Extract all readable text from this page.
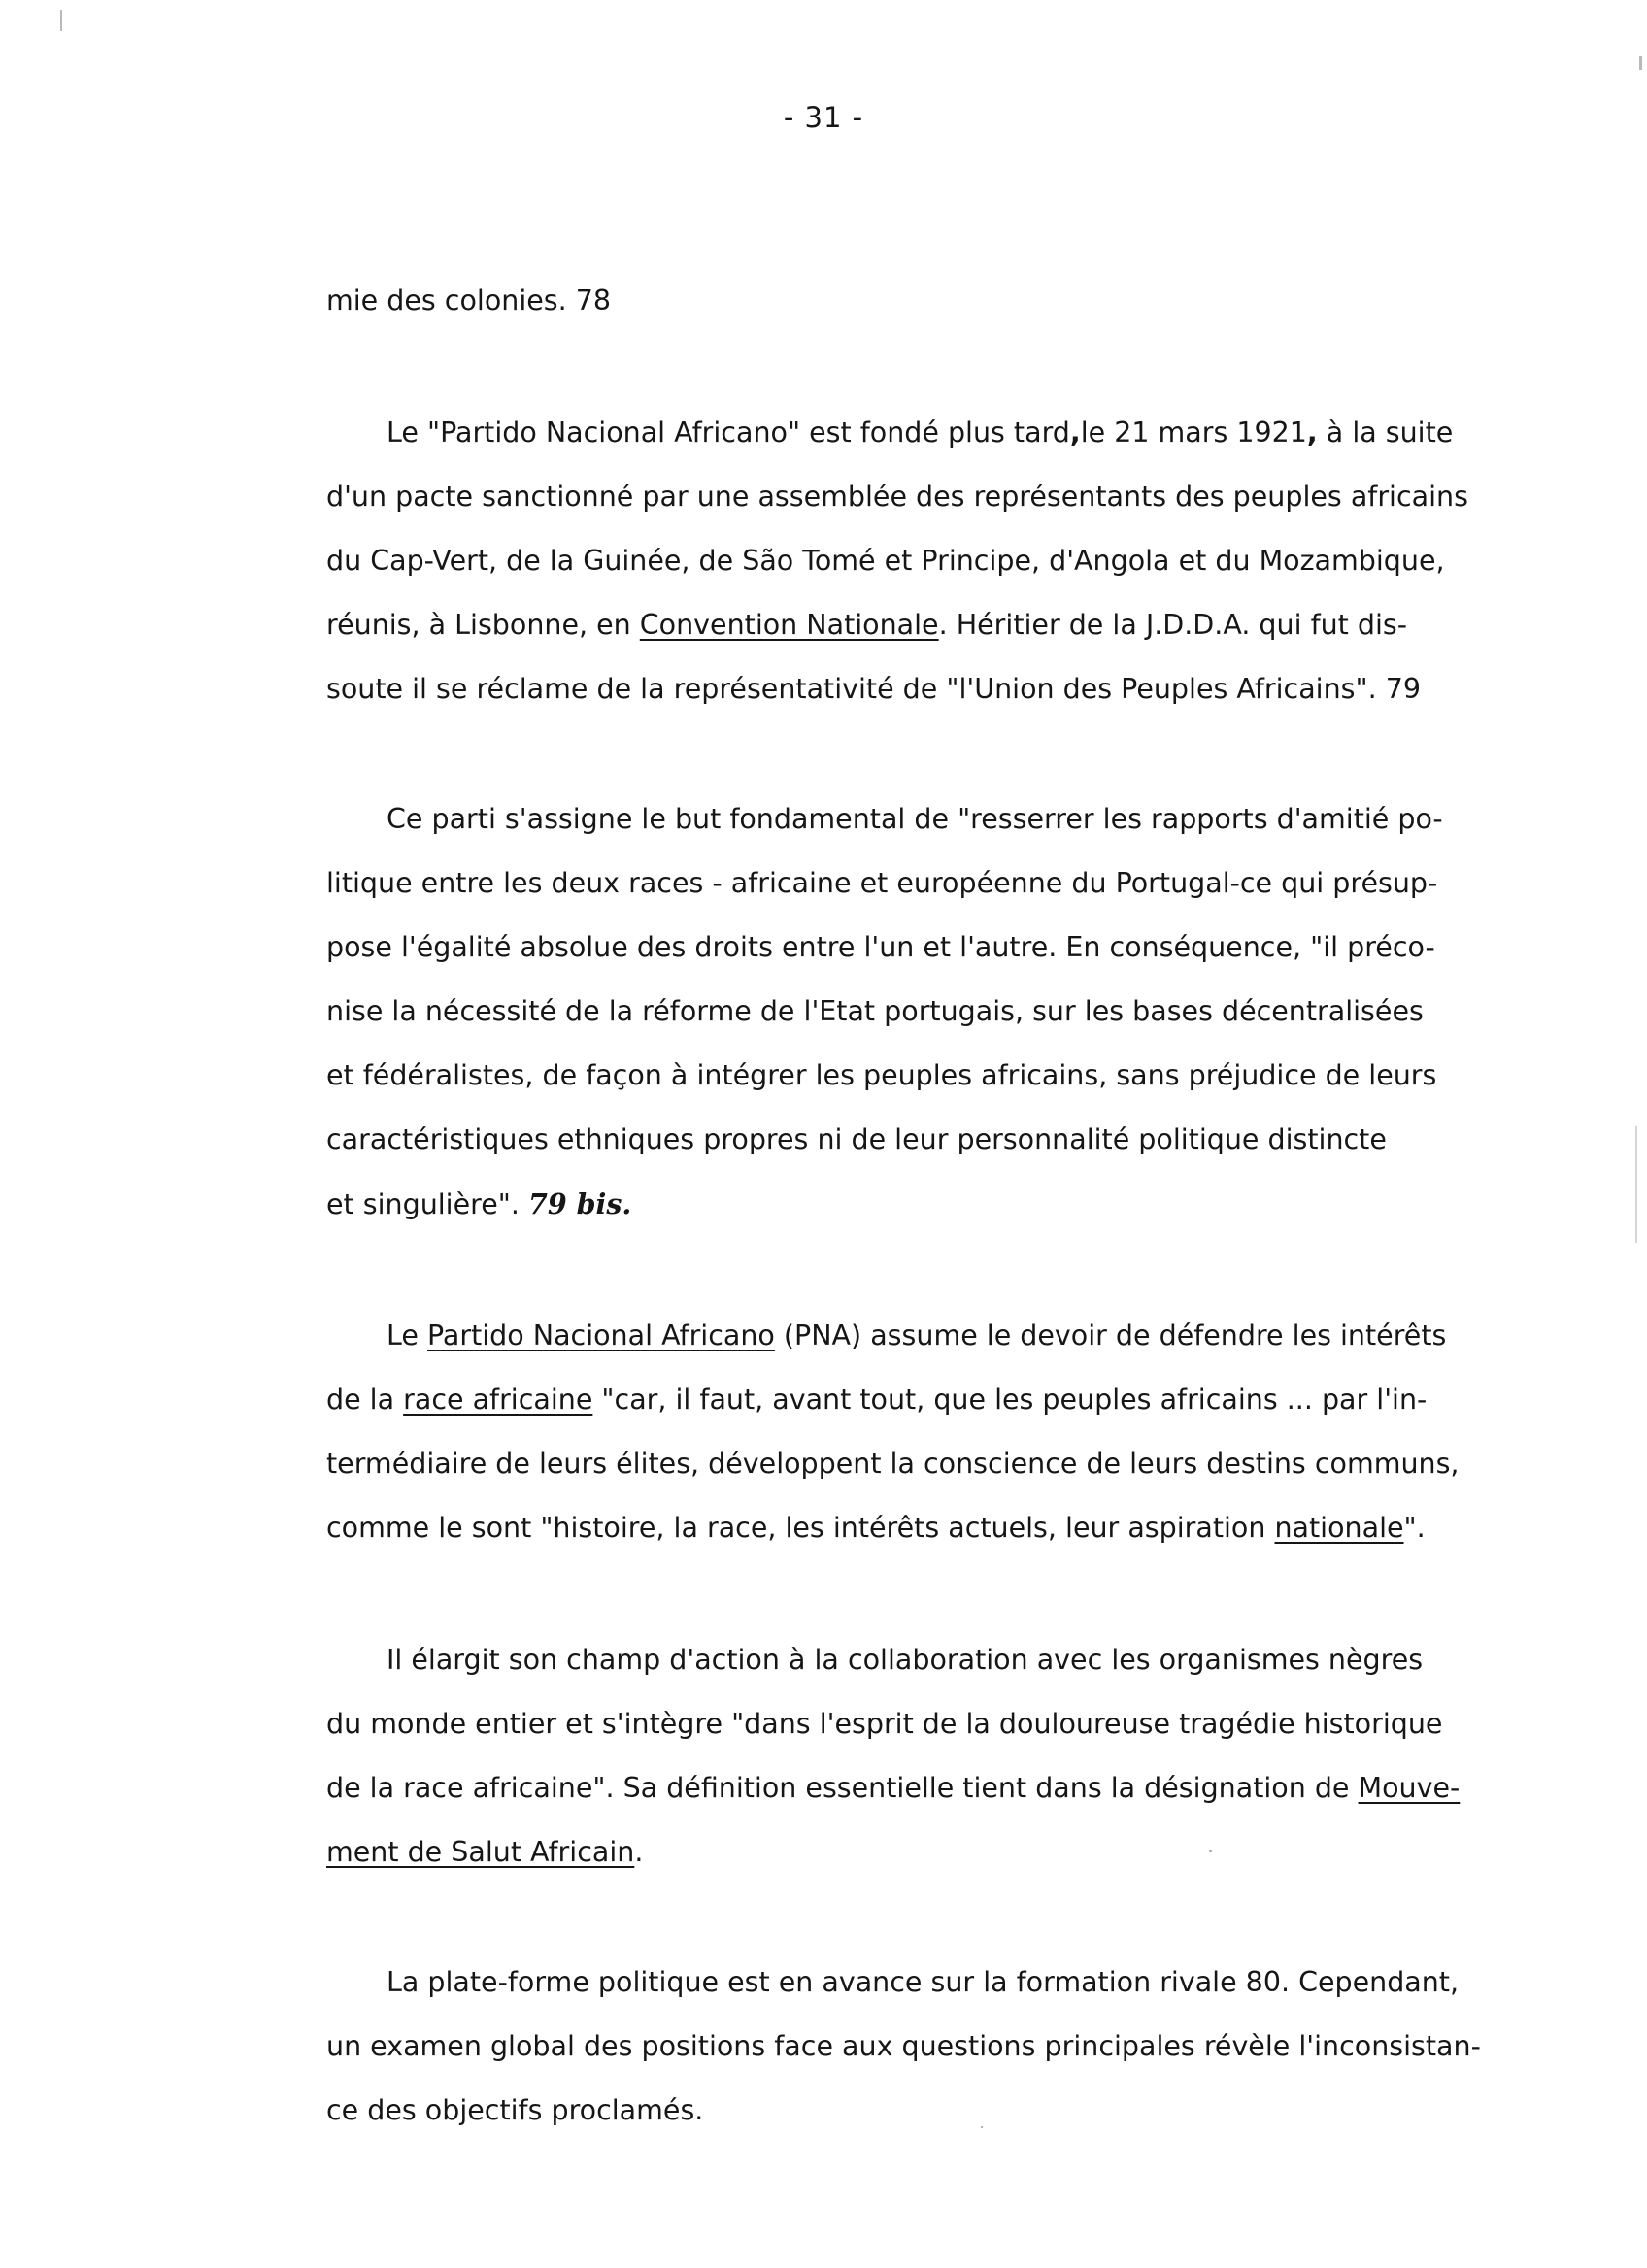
- 31 -
mie des colonies. 78
Le "Partido Nacional Africano" est fondé plus tard,le 21 mars 1921, à la suite
d'un pacte sanctionné par une assemblée des représentants des peuples africains
du Cap-Vert, de la Guinée, de São Tomé et Principe, d'Angola et du Mozambique,
réunis, à Lisbonne, en Convention Nationale. Héritier de la J.D.D.A. qui fut dis-
soute il se réclame de la représentativité de "l'Union des Peuples Africains". 79
Ce parti s'assigne le but fondamental de "resserrer les rapports d'amitié po-
litique entre les deux races - africaine et européenne du Portugal-ce qui présup-
pose l'égalité absolue des droits entre l'un et l'autre. En conséquence, "il préco-
nise la nécessité de la réforme de l'Etat portugais, sur les bases décentralisées
et fédéralistes, de façon à intégrer les peuples africains, sans préjudice de leurs
caractéristiques ethniques propres ni de leur personnalité politique distincte
et singulière". 79 bis.
Le Partido Nacional Africano (PNA) assume le devoir de défendre les intérêts
de la race africaine "car, il faut, avant tout, que les peuples africains ... par l'in-
termédiaire de leurs élites, développent la conscience de leurs destins communs,
comme le sont "histoire, la race, les intérêts actuels, leur aspiration nationale".
Il élargit son champ d'action à la collaboration avec les organismes nègres
du monde entier et s'intègre "dans l'esprit de la douloureuse tragédie historique
de la race africaine". Sa définition essentielle tient dans la désignation de Mouve-
ment de Salut Africain.
La plate-forme politique est en avance sur la formation rivale 80. Cependant,
un examen global des positions face aux questions principales révèle l'inconsistan-
ce des objectifs proclamés.
